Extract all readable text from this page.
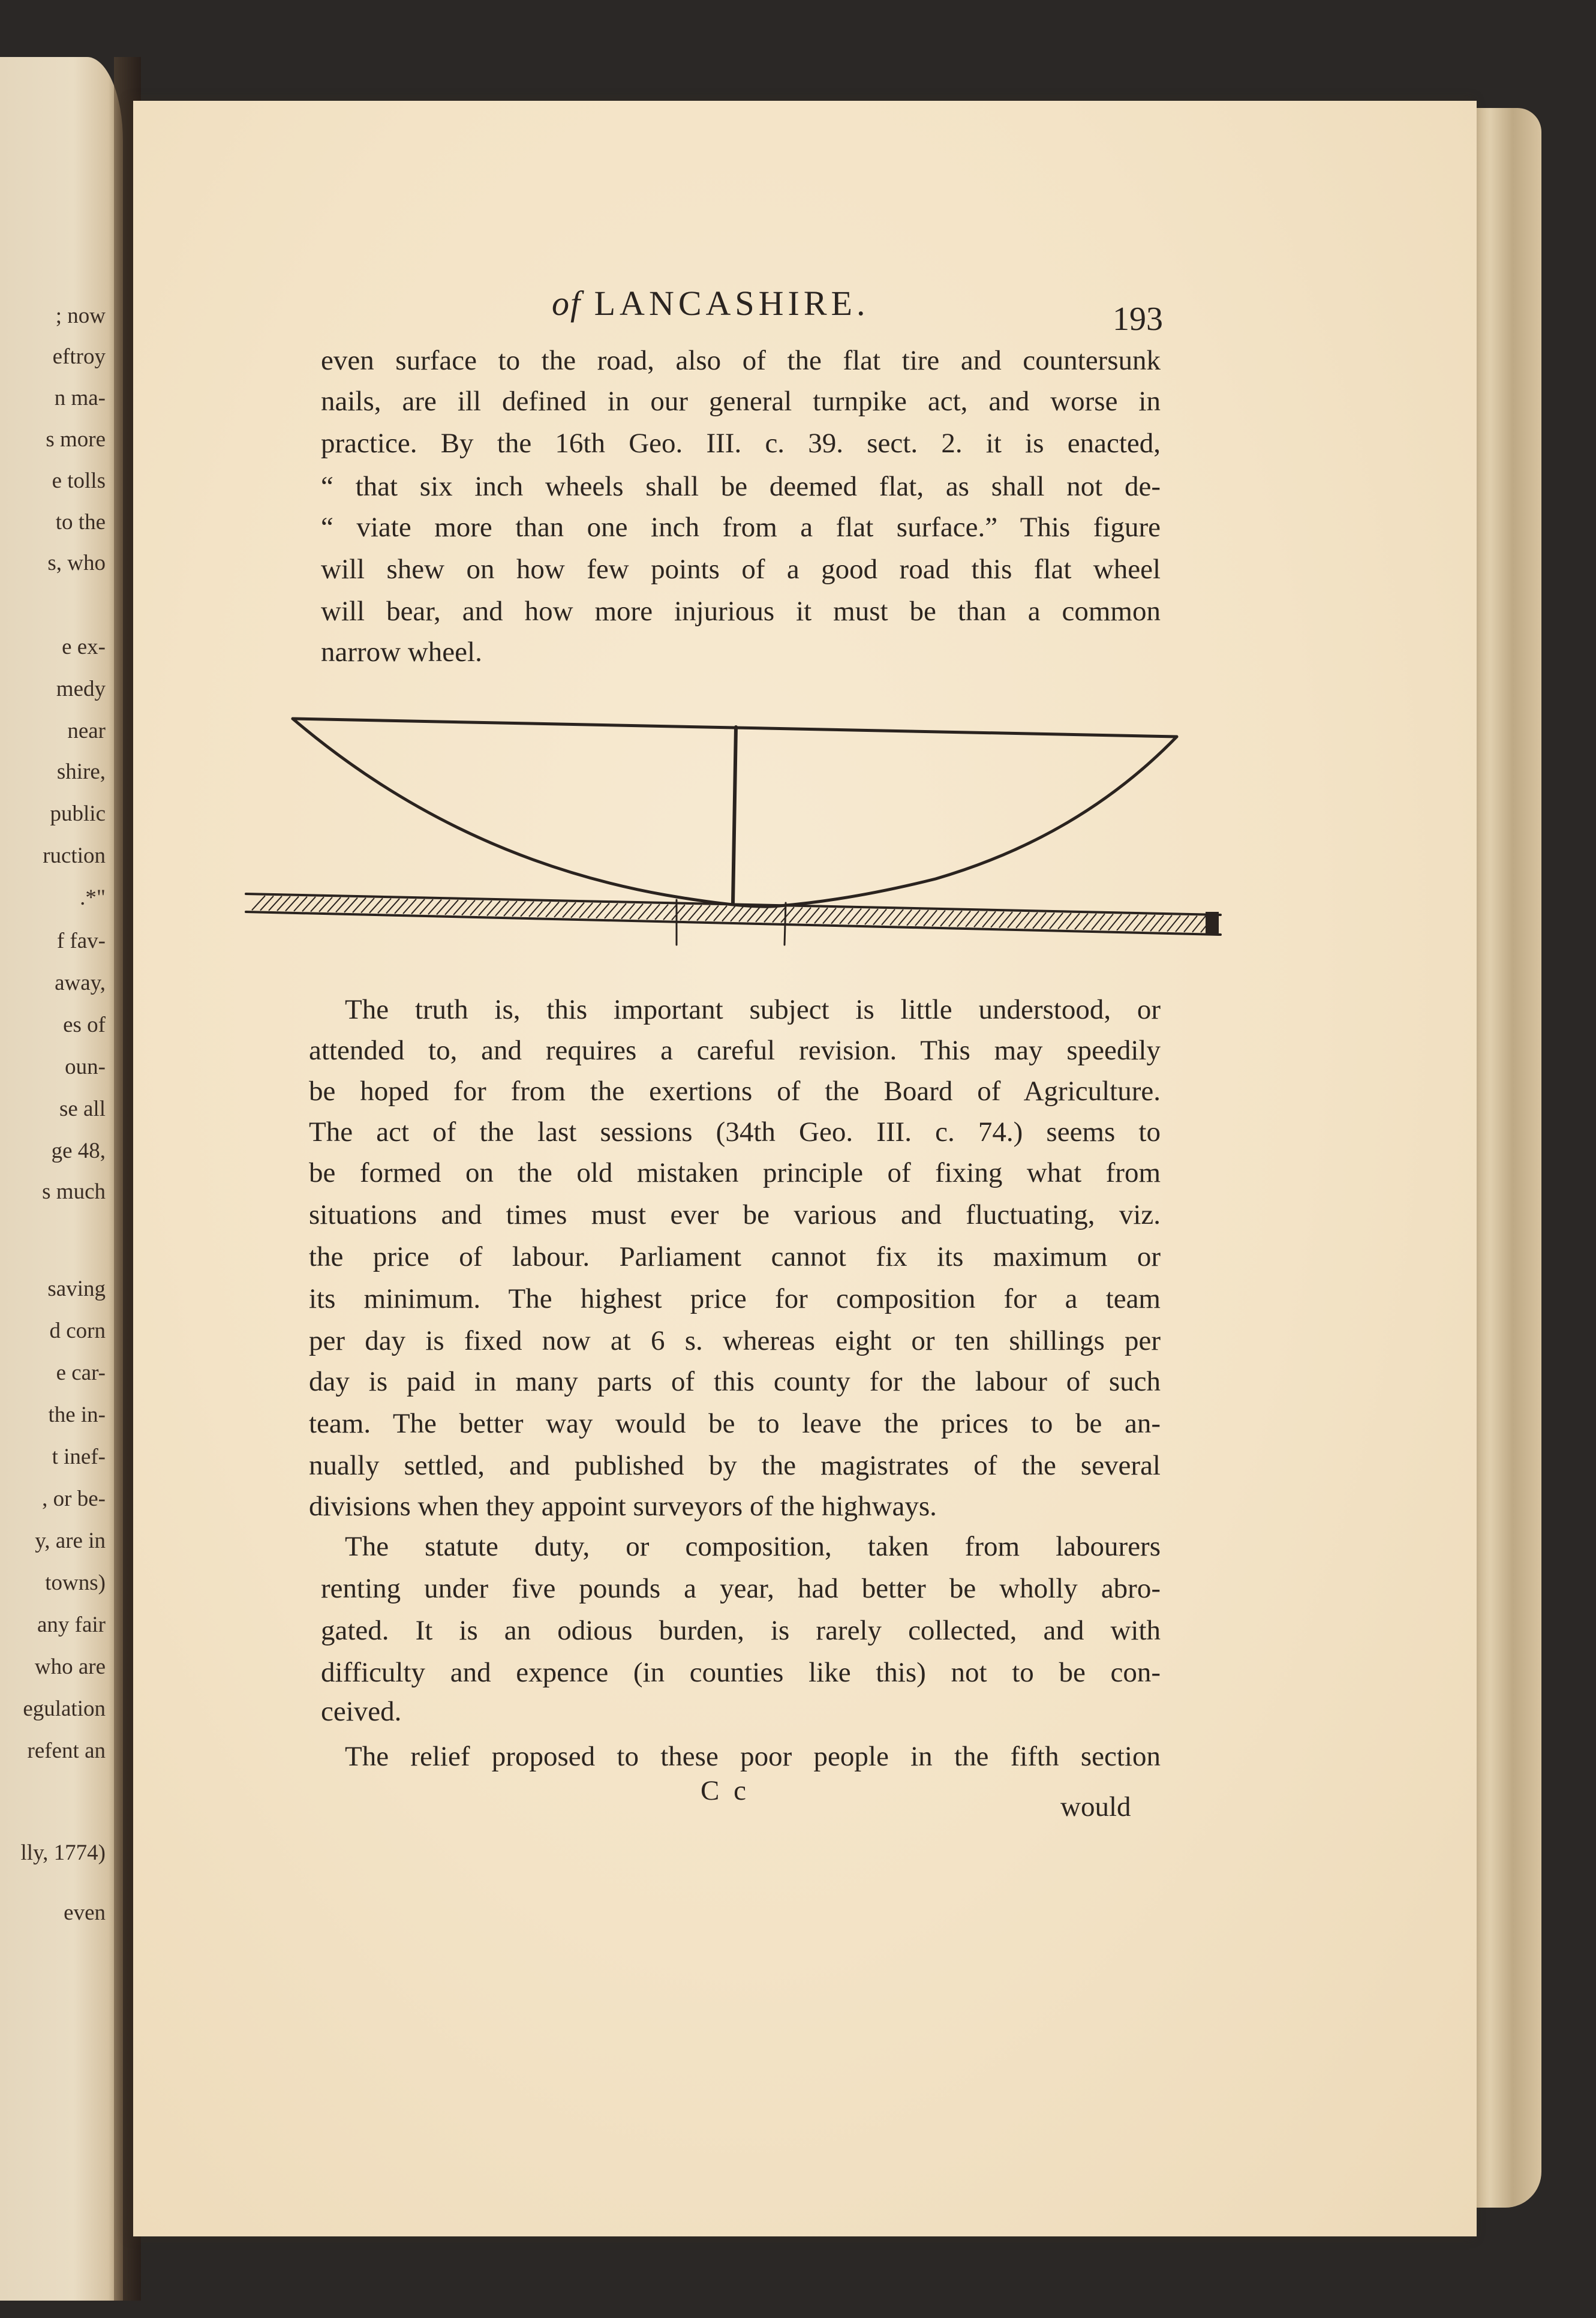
; now
eftroy
n ma-
s more
e tolls
to the
s, who
e ex-
medy
near
shire,
public
ruction
.*"
f fav-
away,
es of
oun-
se all
ge 48,
s much
saving
d corn
e car-
the in-
t inef-
, or be-
y, are in
towns)
any fair
who are
egulation
refent an
lly, 1774)
even
of LANCASHIRE.	193
even surface to the road, also of the flat tire and countersunk
nails, are ill defined in our general turnpike act, and worse in
practice. By the 16th Geo. III. c. 39. sect. 2. it is enacted,
“ that six inch wheels shall be deemed flat, as shall not de-
“ viate more than one inch from a flat surface.” This figure
will shew on how few points of a good road this flat wheel
will bear, and how more injurious it must be than a common
narrow wheel.
The truth is, this important subject is little understood, or
attended to, and requires a careful revision. This may speedily
be hoped for from the exertions of the Board of Agriculture.
The act of the last sessions (34th Geo. III. c. 74.) seems to
be formed on the old mistaken principle of fixing what from
situations and times must ever be various and fluctuating, viz.
the price of labour. Parliament cannot fix its maximum or
its minimum. The highest price for composition for a team
per day is fixed now at 6 s. whereas eight or ten shillings per
day is paid in many parts of this county for the labour of such
team. The better way would be to leave the prices to be an-
nually settled, and published by the magistrates of the several
divisions when they appoint surveyors of the highways.
The statute duty, or composition, taken from labourers
renting under five pounds a year, had better be wholly abro-
gated. It is an odious burden, is rarely collected, and with
difficulty and expence (in counties like this) not to be con-
ceived.
The relief proposed to these poor people in the fifth section
C c
would
